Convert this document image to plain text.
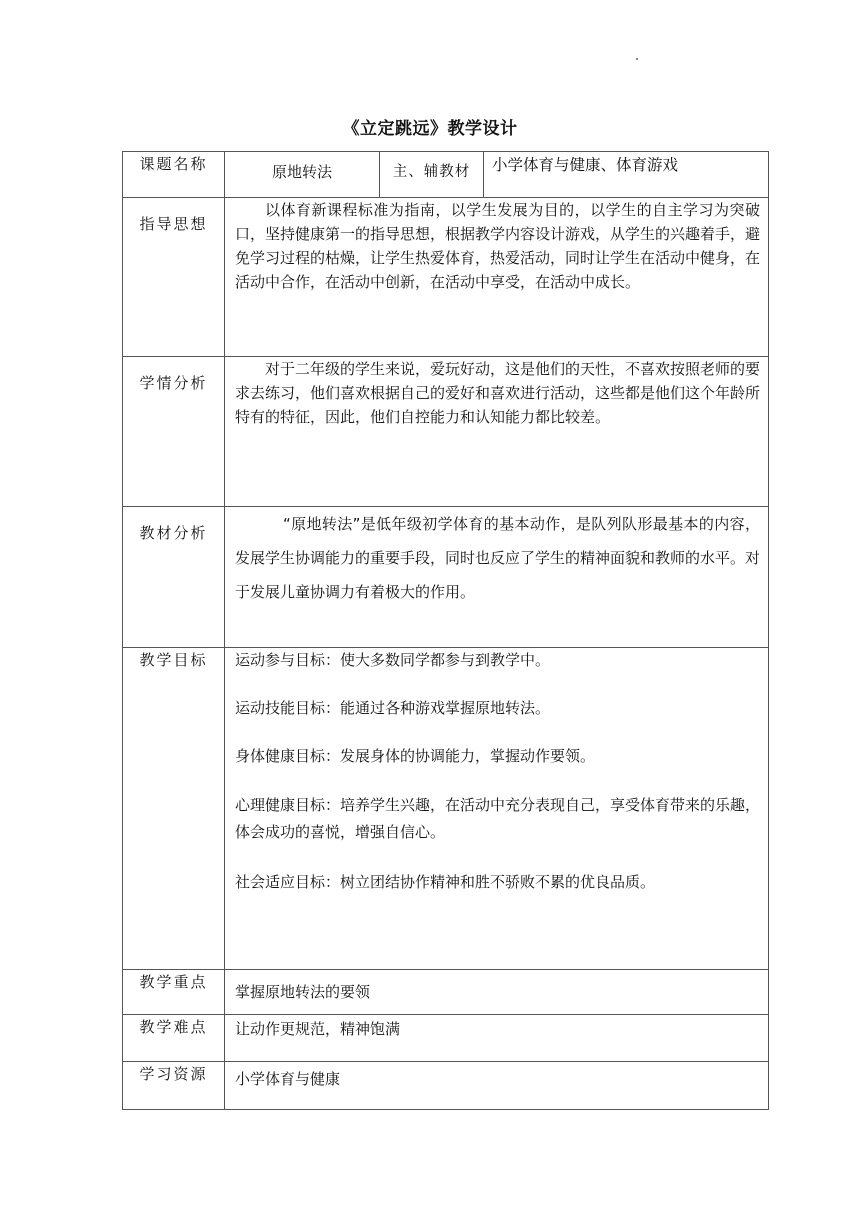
《立定跳远》教学设计
课题名称	原地转法	主、辅教材	小学体育与健康、体育游戏
指导思想	以体育新课程标准为指南，以学生发展为目的，以学生的自主学习为突破口，坚持健康第一的指导思想，根据教学内容设计游戏，从学生的兴趣着手，避免学习过程的枯燥，让学生热爱体育，热爱活动，同时让学生在活动中健身，在活动中合作，在活动中创新，在活动中享受，在活动中成长。		

学情分析	对于二年级的学生来说，爱玩好动，这是他们的天性，不喜欢按照老师的要求去练习，他们喜欢根据自己的爱好和喜欢进行活动，这些都是他们这个年龄所特有的特征，因此，他们自控能力和认知能力都比较差。		

教材分析	“原地转法”是低年级初学体育的基本动作，是队列队形最基本的内容，发展学生协调能力的重要手段，同时也反应了学生的精神面貌和教师的水平。对于发展儿童协调力有着极大的作用。		

教学目标	运动参与目标：使大多数同学都参与到教学中。

运动技能目标：能通过各种游戏掌握原地转法。

身体健康目标：发展身体的协调能力，掌握动作要领。

心理健康目标：培养学生兴趣，在活动中充分表现自己，享受体育带来的乐趣，体会成功的喜悦，增强自信心。

社会适应目标：树立团结协作精神和胜不骄败不累的优良品质。		

教学重点	掌握原地转法的要领		

教学难点	让动作更规范，精神饱满		

学习资源	小学体育与健康		
